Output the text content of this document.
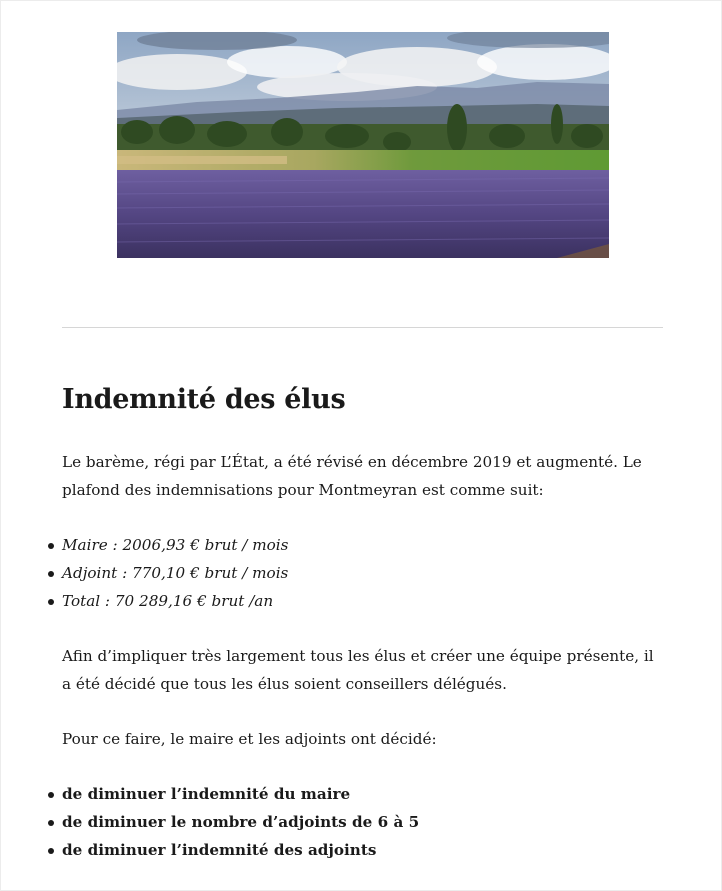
Indemnité des élus

Le barème, régi par L’État, a été révisé en décembre 2019 et augmenté. Le plafond des indemnisations pour Montmeyran est comme suit:

Maire : 2006,93 € brut / mois
Adjoint : 770,10 € brut / mois
Total : 70 289,16 € brut /an

Afin d’impliquer très largement tous les élus et créer une équipe présente, il a été décidé que tous les élus soient conseillers délégués.

Pour ce faire, le maire et les adjoints ont décidé:

de diminuer l’indemnité du maire
de diminuer le nombre d’adjoints de 6 à 5
de diminuer l’indemnité des adjoints
